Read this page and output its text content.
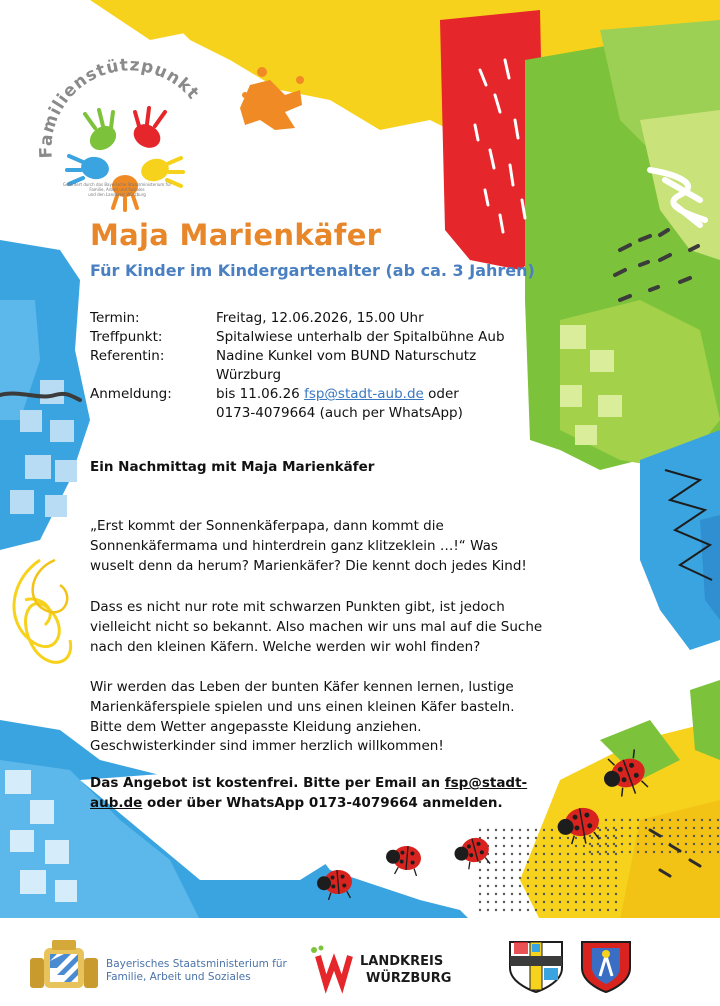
Familienstützpunkt
Gefördert durch das Bayerische Staatsministerium für Familie, Arbeit und Soziales
und den Landkreis Würzburg
Maja Marienkäfer
Für Kinder im Kindergartenalter (ab ca. 3 Jahren)
Termin:	Freitag, 12.06.2026, 15.00 Uhr
Treffpunkt:	Spitalwiese unterhalb der Spitalbühne Aub
Referentin:	Nadine Kunkel vom BUND Naturschutz
Würzburg
Anmeldung:	bis 11.06.26 fsp@stadt-aub.de oder
0173-4079664 (auch per WhatsApp)
Ein Nachmittag mit Maja Marienkäfer
„Erst kommt der Sonnenkäferpapa, dann kommt die
Sonnenkäfermama und hinterdrein ganz klitzeklein …!“ Was
wuselt denn da herum? Marienkäfer? Die kennt doch jedes Kind!
Dass es nicht nur rote mit schwarzen Punkten gibt, ist jedoch
vielleicht nicht so bekannt. Also machen wir uns mal auf die Suche
nach den kleinen Käfern. Welche werden wir wohl finden?
Wir werden das Leben der bunten Käfer kennen lernen, lustige
Marienkäferspiele spielen und uns einen kleinen Käfer basteln.
Bitte dem Wetter angepasste Kleidung anziehen.
Geschwisterkinder sind immer herzlich willkommen!
Das Angebot ist kostenfrei. Bitte per Email an fsp@stadt-
aub.de oder über WhatsApp 0173-4079664 anmelden.
Bayerisches Staatsministerium für
Familie, Arbeit und Soziales
LANDKREIS
WÜRZBURG
